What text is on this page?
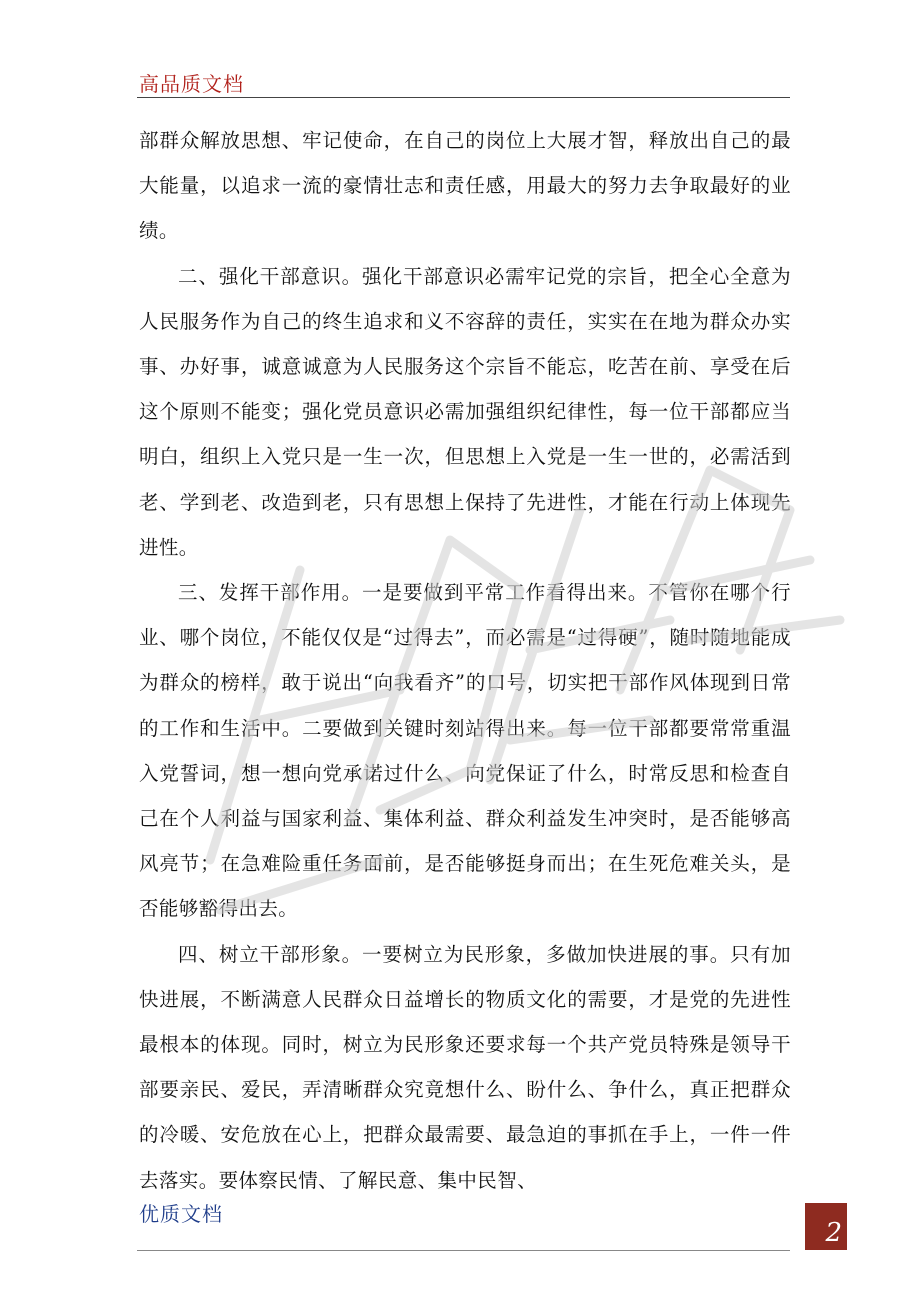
高品质文档

部群众解放思想、牢记使命，在自己的岗位上大展才智，释放出自己的最大能量，以追求一流的豪情壮志和责任感，用最大的努力去争取最好的业绩。

二、强化干部意识。强化干部意识必需牢记党的宗旨，把全心全意为人民服务作为自己的终生追求和义不容辞的责任，实实在在地为群众办实事、办好事，诚意诚意为人民服务这个宗旨不能忘，吃苦在前、享受在后这个原则不能变；强化党员意识必需加强组织纪律性，每一位干部都应当明白，组织上入党只是一生一次，但思想上入党是一生一世的，必需活到老、学到老、改造到老，只有思想上保持了先进性，才能在行动上体现先进性。

三、发挥干部作用。一是要做到平常工作看得出来。不管你在哪个行业、哪个岗位，不能仅仅是“过得去”，而必需是“过得硬”，随时随地能成为群众的榜样，敢于说出“向我看齐”的口号，切实把干部作风体现到日常的工作和生活中。二要做到关键时刻站得出来。每一位干部都要常常重温入党誓词，想一想向党承诺过什么、向党保证了什么，时常反思和检查自己在个人利益与国家利益、集体利益、群众利益发生冲突时，是否能够高风亮节；在急难险重任务面前，是否能够挺身而出；在生死危难关头，是否能够豁得出去。

四、树立干部形象。一要树立为民形象，多做加快进展的事。只有加快进展，不断满意人民群众日益增长的物质文化的需要，才是党的先进性最根本的体现。同时，树立为民形象还要求每一个共产党员特殊是领导干部要亲民、爱民，弄清晰群众究竟想什么、盼什么、争什么，真正把群众的冷暖、安危放在心上，把群众最需要、最急迫的事抓在手上，一件一件去落实。要体察民情、了解民意、集中民智、

优质文档
2
